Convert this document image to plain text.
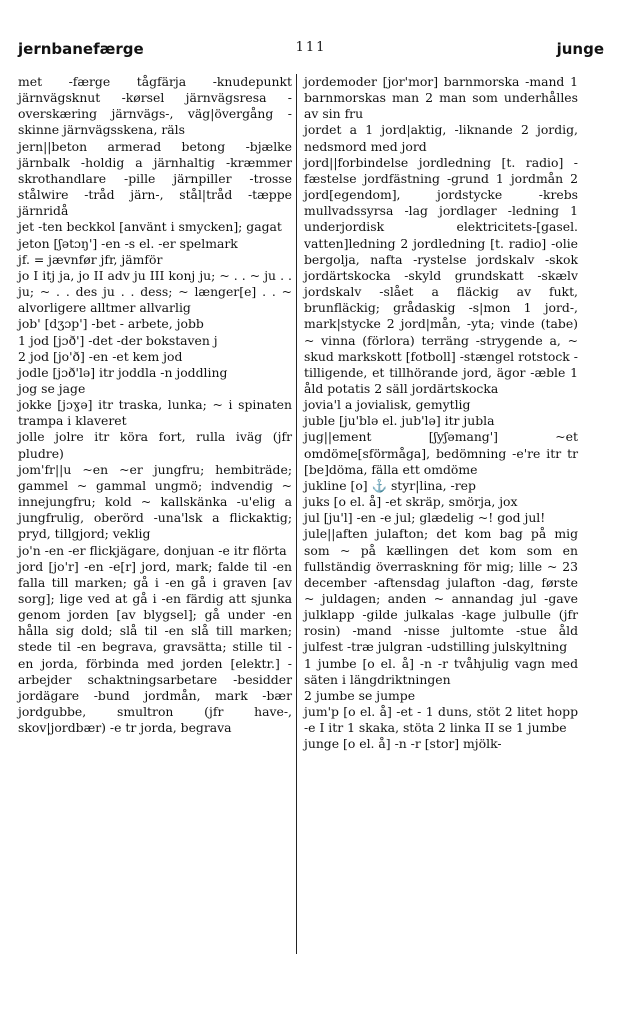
jernbanefærge	111	junge
met -færge tågfärja -knudepunkt järnvägsknut -kørsel järnvägsresa -overskæring järnvägs-, väg|övergång -skinne järnvägsskena, räls
jern||beton armerad betong -bjælke järnbalk -holdig a järnhaltig -kræmmer skrothandlare -pille järnpiller -trosse stålwire -tråd järn-, stål|tråd -tæppe järnridå
jet -ten beckkol [använt i smycken]; gagat
jeton [ʃətɔŋ'] -en -s el. -er spelmark
jf. = jævnfør jfr, jämför
jo I itj ja, jo II adv ju III konj ju; ~ . . ~ ju . . ju; ~ . . des ju . . dess; ~ længer[e] . . ~ alvorligere alltmer allvarlig
job' [dʒɔp'] -bet - arbete, jobb
1 jod [jɔð'] -det -der bokstaven j
2 jod [jo'ð] -en -et kem jod
jodle [jɔð'lə] itr joddla -n joddling
jog se jage
jokke [jɔɣə] itr traska, lunka; ~ i spinaten trampa i klaveret
jolle jolre itr köra fort, rulla iväg (jfr pludre)
jom'fr||u ~en ~er jungfru; hembiträde; gammel ~ gammal ungmö; indvendig ~ innejungfru; kold ~ kallskänka -u'elig a jungfrulig, oberörd -una'lsk a flickaktig; pryd, tillgjord; veklig
jo'n -en -er flickjägare, donjuan -e itr flörta
jord [jo'r] -en -e[r] jord, mark; falde til -en falla till marken; gå i -en gå i graven [av sorg]; lige ved at gå i -en färdig att sjunka genom jorden [av blygsel]; gå under -en hålla sig dold; slå til -en slå till marken; stede til -en begrava, gravsätta; stille til -en jorda, förbinda med jorden [elektr.] -arbejder schaktningsarbetare -besidder jordägare -bund jordmån, mark -bær jordgubbe, smultron (jfr have-, skov|jordbær) -e tr jorda, begrava
jordemoder [jor'mor] barnmorska -mand 1 barnmorskas man 2 man som underhålles av sin fru
jordet a 1 jord|aktig, -liknande 2 jordig, nedsmord med jord
jord||forbindelse jordledning [t. radio] -fæstelse jordfästning -grund 1 jordmån 2 jord[egendom], jordstycke -krebs mullvadssyrsa -lag jordlager -ledning 1 underjordisk elektricitets-[gasel. vatten]ledning 2 jordledning [t. radio] -olie bergolja, nafta -rystelse jordskalv -skok jordärtskocka -skyld grundskatt -skælv jordskalv -slået a fläckig av fukt, brunfläckig; grådaskig -s|mon 1 jord-, mark|stycke 2 jord|mån, -yta; vinde (tabe) ~ vinna (förlora) terräng -strygende a, ~ skud markskott [fotboll] -stængel rotstock -tilligende, et tillhörande jord, ägor -æble 1 åld potatis 2 säll jordärtskocka
jovia'l a jovialisk, gemytlig
juble [ju'blə el. jub'lə] itr jubla
jug||ement [ʃyʃəmang'] ~et omdöme[sförmåga], bedömning -e're itr tr [be]döma, fälla ett omdöme
jukline [o] ⚓ styr|lina, -rep
juks [o el. å] -et skräp, smörja, jox
jul [ju'l] -en -e jul; glædelig ~! god jul!
jule||aften julafton; det kom bag på mig som ~ på kællingen det kom som en fullständig överraskning för mig; lille ~ 23 december -aftensdag julafton -dag, første ~ juldagen; anden ~ annandag jul -gave julklapp -gilde julkalas -kage julbulle (jfr rosin) -mand -nisse jultomte -stue åld julfest -træ julgran -udstilling julskyltning
1 jumbe [o el. å] -n -r tvåhjulig vagn med säten i längdriktningen
2 jumbe se jumpe
jum'p [o el. å] -et - 1 duns, stöt 2 litet hopp -e I itr 1 skaka, stöta 2 linka II se 1 jumbe
junge [o el. å] -n -r [stor] mjölk-
